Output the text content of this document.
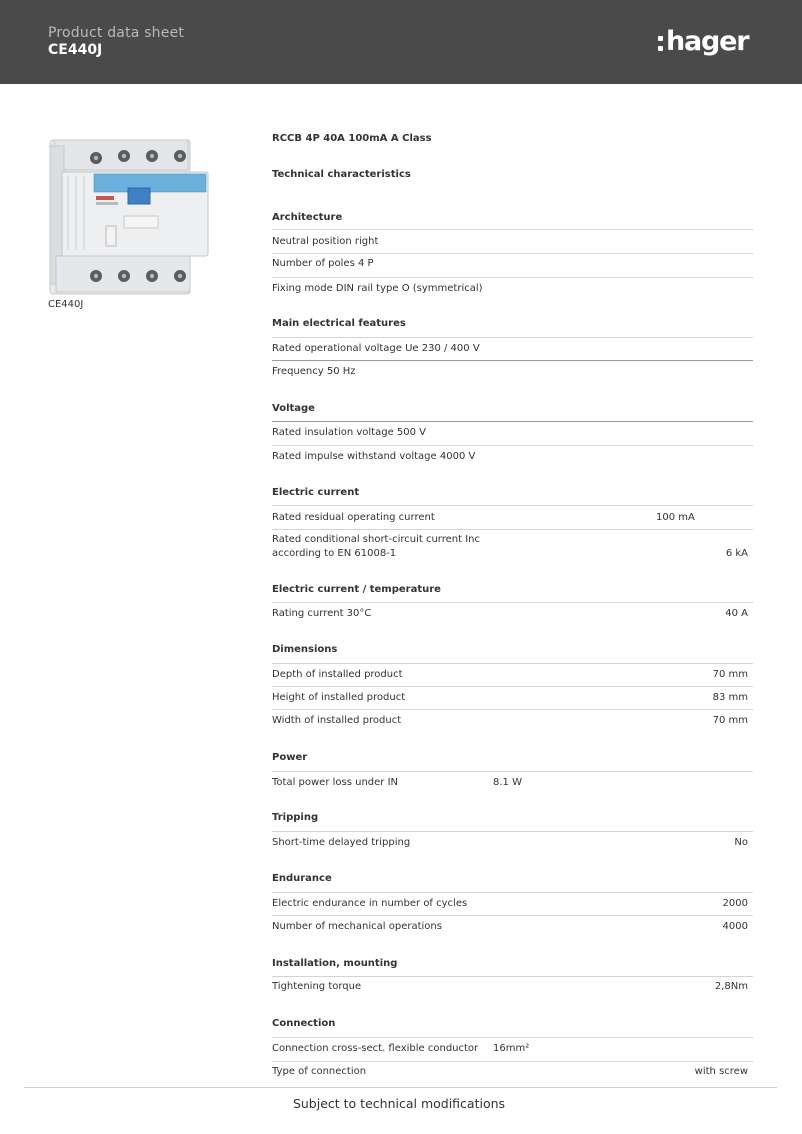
Product data sheet
CE440J	hager
CE440J
RCCB 4P 40A 100mA A Class
Technical characteristics
Architecture
Neutral position right
Number of poles 4 P
Fixing mode DIN rail type O (symmetrical)
Main electrical features
Rated operational voltage Ue 230 / 400 V
Frequency 50 Hz
Voltage
Rated insulation voltage 500 V
Rated impulse withstand voltage 4000 V
Electric current
Rated residual operating current	100 mA
Rated conditional short-circuit current Inc
according to EN 61008-1	6 kA
Electric current / temperature
Rating current 30°C	40 A
Dimensions
Depth of installed product	70 mm
Height of installed product	83 mm
Width of installed product	70 mm
Power
Total power loss under IN	8.1 W
Tripping
Short-time delayed tripping	No
Endurance
Electric endurance in number of cycles	2000
Number of mechanical operations	4000
Installation, mounting
Tightening torque	2,8Nm
Connection
Connection cross-sect. flexible conductor 16mm²
Type of connection	with screw
Subject to technical modifications
